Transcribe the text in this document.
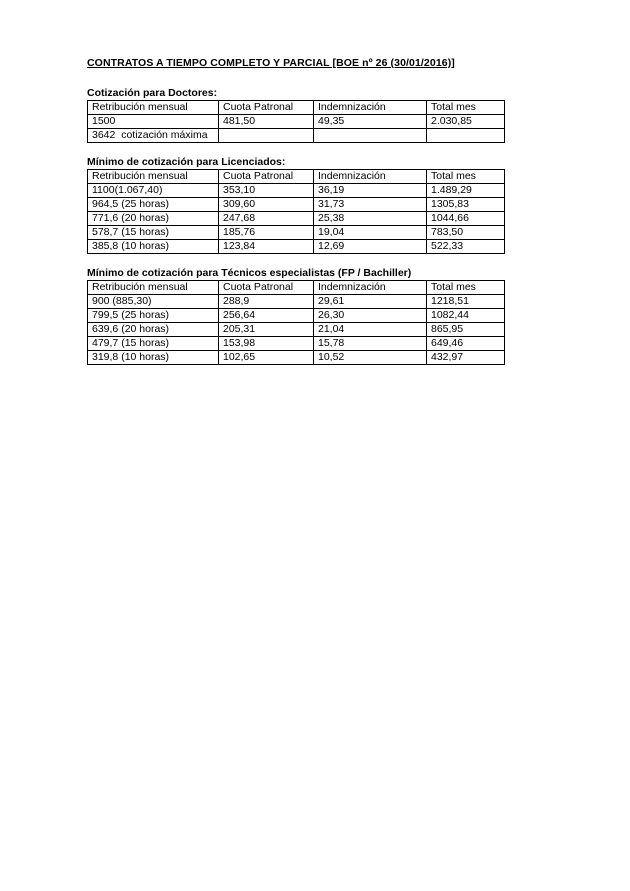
CONTRATOS A TIEMPO COMPLETO Y PARCIAL [BOE nº 26 (30/01/2016)]
Cotización para Doctores:
Retribución mensual	Cuota Patronal	Indemnización	Total mes
1500	481,50	49,35	2.030,85
3642  cotización máxima			
Mínimo de cotización para Licenciados:
Retribución mensual	Cuota Patronal	Indemnización	Total mes
1100(1.067,40)	353,10	36,19	1.489,29
964,5 (25 horas)	309,60	31,73	1305,83
771,6 (20 horas)	247,68	25,38	1044,66
578,7 (15 horas)	185,76	19,04	783,50
385,8 (10 horas)	123,84	12,69	522,33
Mínimo de cotización para Técnicos especialistas (FP / Bachiller)
Retribución mensual	Cuota Patronal	Indemnización	Total mes
900 (885,30)	288,9	29,61	1218,51
799,5 (25 horas)	256,64	26,30	1082,44
639,6 (20 horas)	205,31	21,04	865,95
479,7 (15 horas)	153,98	15,78	649,46
319,8 (10 horas)	102,65	10,52	432,97
